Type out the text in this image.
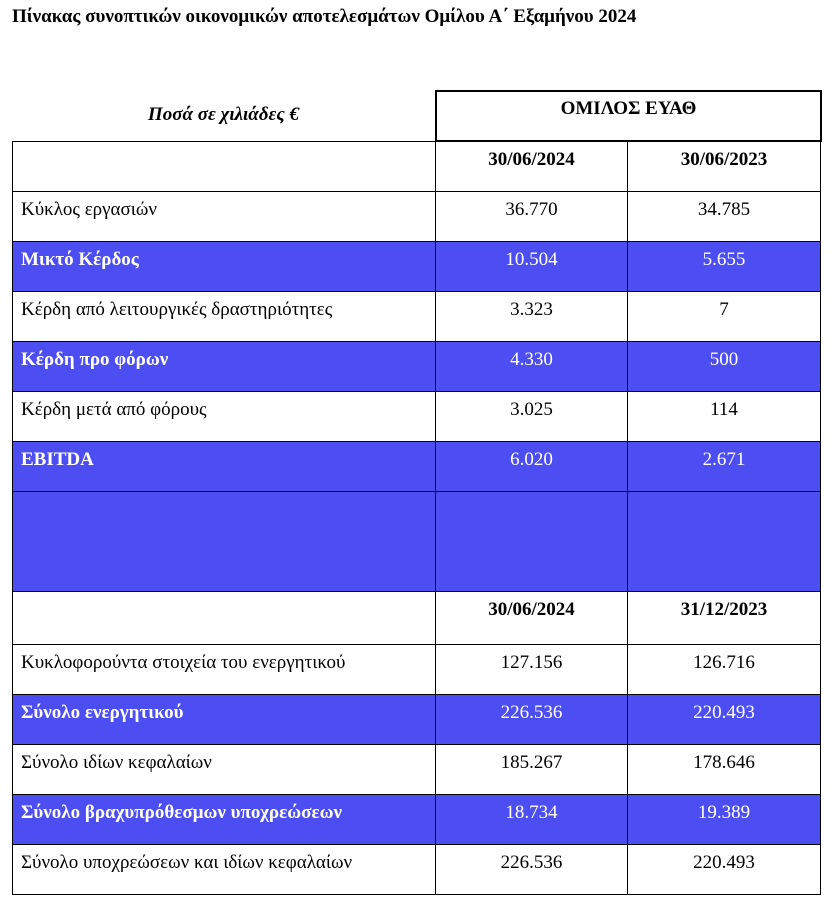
Πίνακας συνοπτικών οικονομικών αποτελεσμάτων Ομίλου Α΄ Εξαμήνου 2024
Ποσά σε χιλιάδες €	ΟΜΙΛΟΣ ΕΥΑΘ
	30/06/2024	30/06/2023
Κύκλος εργασιών	36.770	34.785
Μικτό Κέρδος	10.504	5.655
Κέρδη από λειτουργικές δραστηριότητες	3.323	7
Κέρδη προ φόρων	4.330	500
Κέρδη μετά από φόρους	3.025	114
EBITDA	6.020	2.671

	30/06/2024	31/12/2023
Κυκλοφορούντα στοιχεία του ενεργητικού	127.156	126.716
Σύνολο ενεργητικού	226.536	220.493
Σύνολο ιδίων κεφαλαίων	185.267	178.646
Σύνολο βραχυπρόθεσμων υποχρεώσεων	18.734	19.389
Σύνολο υποχρεώσεων και ιδίων κεφαλαίων	226.536	220.493
